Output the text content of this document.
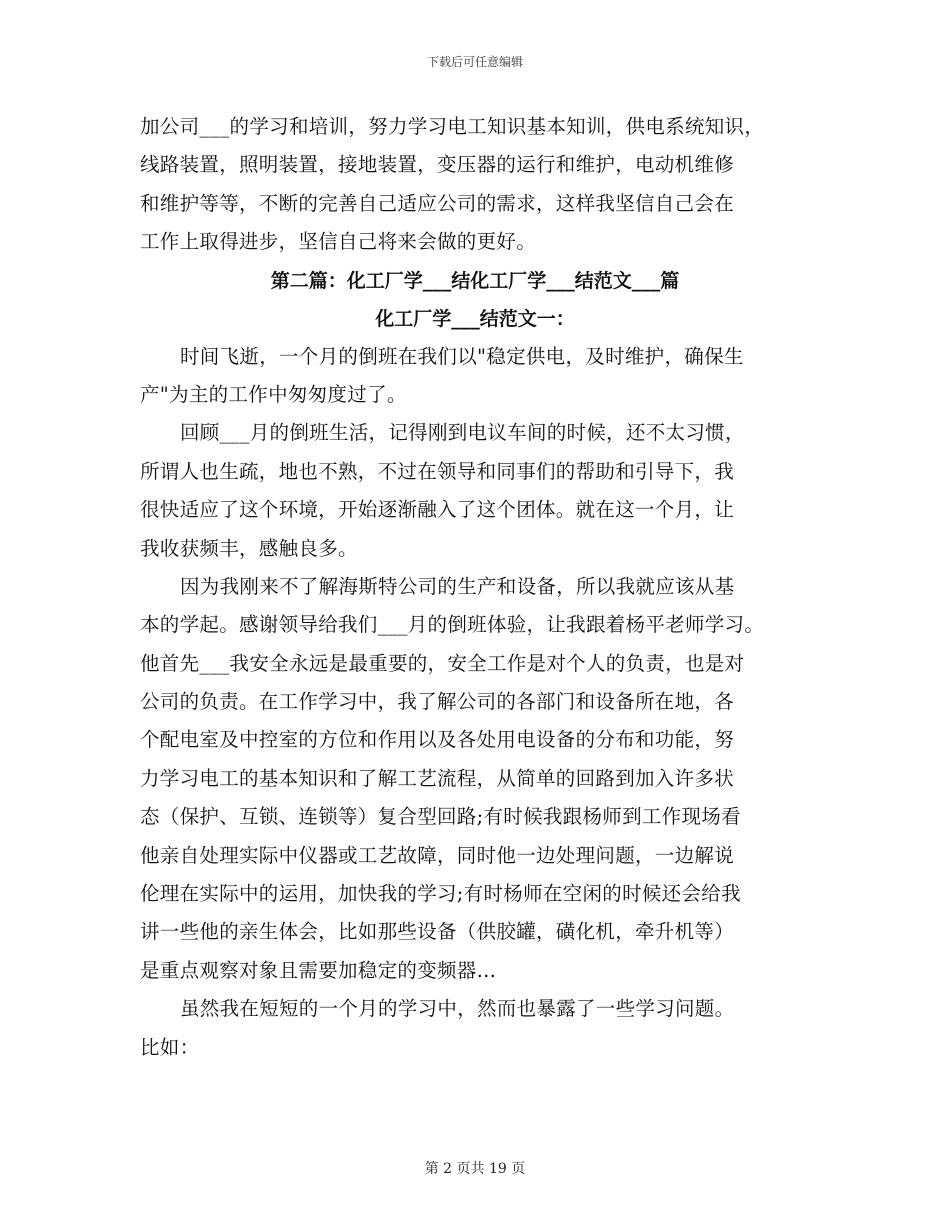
下载后可任意编辑
加公司___的学习和培训，努力学习电工知识基本知训，供电系统知识，
线路装置，照明装置，接地装置，变压器的运行和维护，电动机维修
和维护等等，不断的完善自己适应公司的需求，这样我坚信自己会在
工作上取得进步，坚信自己将来会做的更好。
第二篇：化工厂学___结化工厂学___结范文___篇
化工厂学___结范文一：
时间飞逝，一个月的倒班在我们以"稳定供电，及时维护，确保生
产"为主的工作中匆匆度过了。
回顾___月的倒班生活，记得刚到电议车间的时候，还不太习惯，
所谓人也生疏，地也不熟，不过在领导和同事们的帮助和引导下，我
很快适应了这个环境，开始逐渐融入了这个团体。就在这一个月，让
我收获频丰，感触良多。
因为我刚来不了解海斯特公司的生产和设备，所以我就应该从基
本的学起。感谢领导给我们___月的倒班体验，让我跟着杨平老师学习。
他首先___我安全永远是最重要的，安全工作是对个人的负责，也是对
公司的负责。在工作学习中，我了解公司的各部门和设备所在地，各
个配电室及中控室的方位和作用以及各处用电设备的分布和功能，努
力学习电工的基本知识和了解工艺流程，从简单的回路到加入许多状
态（保护、互锁、连锁等）复合型回路;有时候我跟杨师到工作现场看
他亲自处理实际中仪器或工艺故障，同时他一边处理问题，一边解说
伦理在实际中的运用，加快我的学习;有时杨师在空闲的时候还会给我
讲一些他的亲生体会，比如那些设备（供胶罐，磺化机，牵升机等）
是重点观察对象且需要加稳定的变频器...
虽然我在短短的一个月的学习中，然而也暴露了一些学习问题。
比如：
第 2 页共 19 页
